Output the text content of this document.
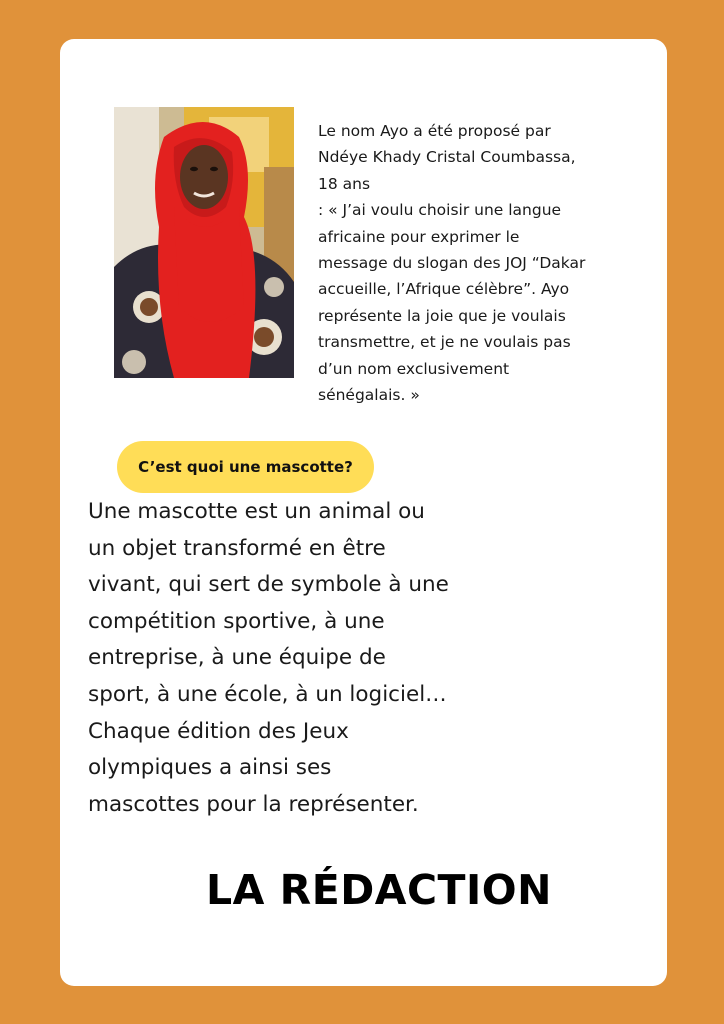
Le nom Ayo a été proposé par
Ndéye Khady Cristal Coumbassa,
18 ans
: « J’ai voulu choisir une langue
africaine pour exprimer le
message du slogan des JOJ “Dakar
accueille, l’Afrique célèbre”. Ayo
représente la joie que je voulais
transmettre, et je ne voulais pas
d’un nom exclusivement
sénégalais. »

C’est quoi une mascotte?

Une mascotte est un animal ou
un objet transformé en être
vivant, qui sert de symbole à une
compétition sportive, à une
entreprise, à une équipe de
sport, à une école, à un logiciel…
Chaque édition des Jeux
olympiques a ainsi ses
mascottes pour la représenter.

LA RÉDACTION
